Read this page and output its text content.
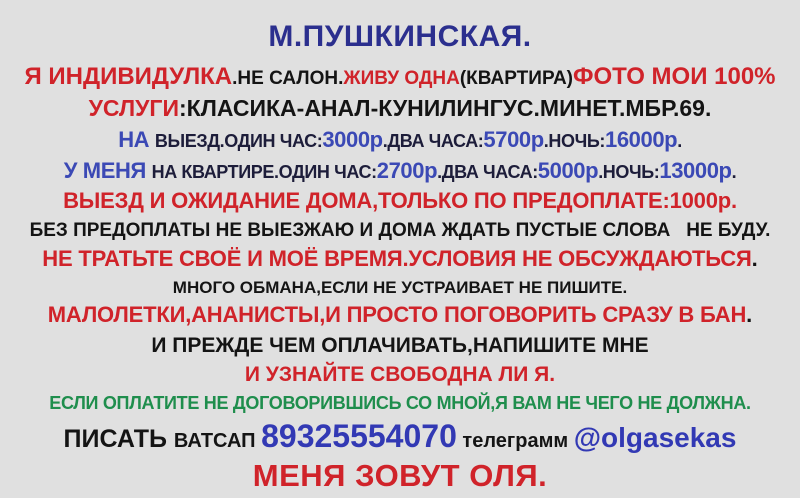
М.ПУШКИНСКАЯ.
Я ИНДИВИДУЛКА.НЕ САЛОН.ЖИВУ ОДНА(КВАРТИРА)ФОТО МОИ 100%
УСЛУГИ:КЛАСИКА-АНАЛ-КУНИЛИНГУС.МИНЕТ.МБР.69.
НА ВЫЕЗД.ОДИН ЧАС:3000р.ДВА ЧАСА:5700р.НОЧЬ:16000р.
У МЕНЯ НА КВАРТИРЕ.ОДИН ЧАС:2700р.ДВА ЧАСА:5000р.НОЧЬ:13000р.
ВЫЕЗД И ОЖИДАНИЕ ДОМА,ТОЛЬКО ПО ПРЕДОПЛАТЕ:1000р.
БЕЗ ПРЕДОПЛАТЫ НЕ ВЫЕЗЖАЮ И ДОМА ЖДАТЬ ПУСТЫЕ СЛОВА   НЕ БУДУ.
НЕ ТРАТЬТЕ СВОЁ И МОЁ ВРЕМЯ.УСЛОВИЯ НЕ ОБСУЖДАЮТЬСЯ.
МНОГО ОБМАНА,ЕСЛИ НЕ УСТРАИВАЕТ НЕ ПИШИТЕ.
МАЛОЛЕТКИ,АНАНИСТЫ,И ПРОСТО ПОГОВОРИТЬ СРАЗУ В БАН.
И ПРЕЖДЕ ЧЕМ ОПЛАЧИВАТЬ,НАПИШИТЕ МНЕ
И УЗНАЙТЕ СВОБОДНА ЛИ Я.
ЕСЛИ ОПЛАТИТЕ НЕ ДОГОВОРИВШИСЬ СО МНОЙ,Я ВАМ НЕ ЧЕГО НЕ ДОЛЖНА.
ПИСАТЬ ВАТСАП 89325554070 телеграмм @olgasekas
МЕНЯ ЗОВУТ ОЛЯ.
